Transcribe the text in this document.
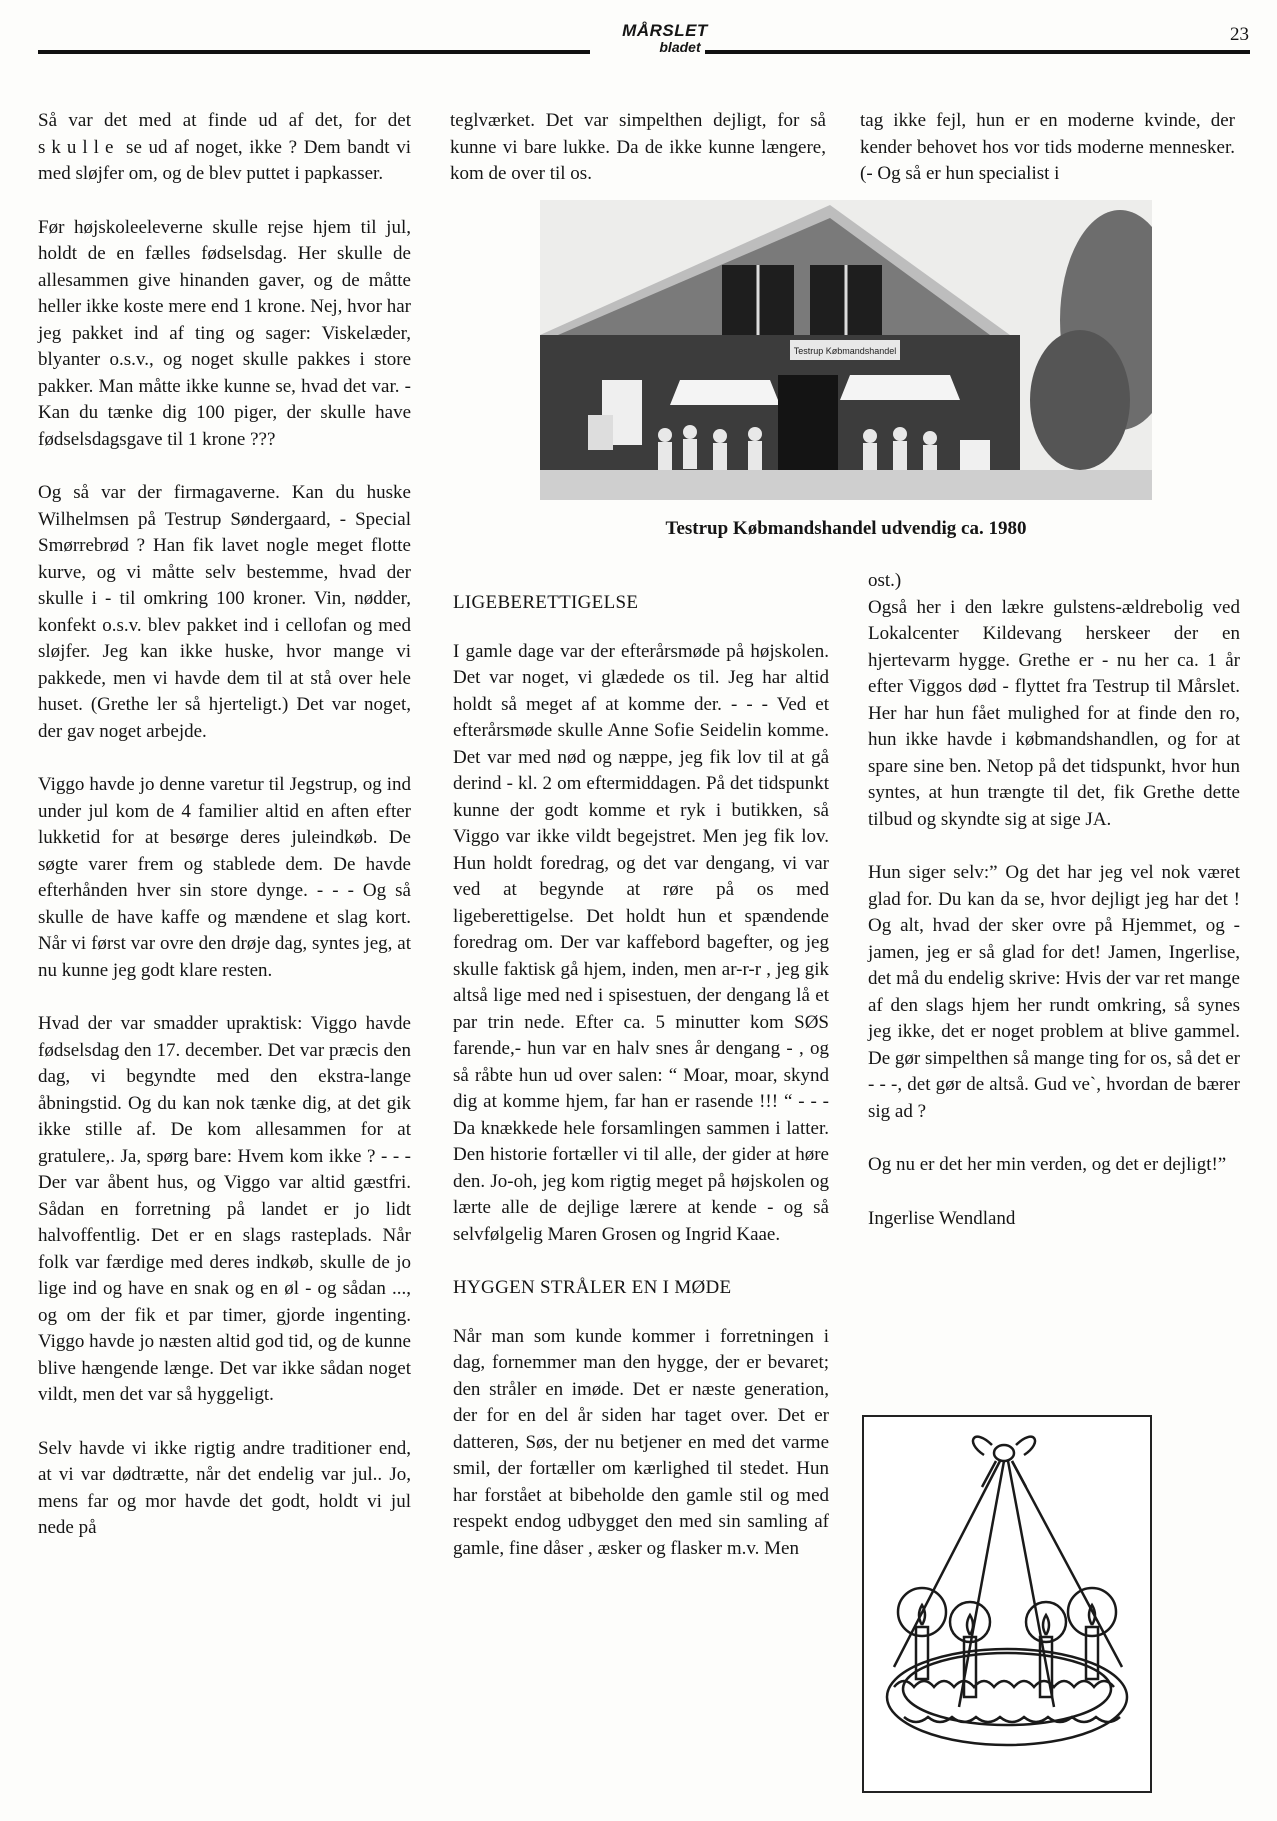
MÅRSLET
bladet
23

Så var det med at finde ud af det, for det skulle se ud af noget, ikke ? Dem bandt vi med sløjfer om, og de blev puttet i papkasser.

Før højskoleeleverne skulle rejse hjem til jul, holdt de en fælles fødselsdag. Her skulle de allesammen give hinanden gaver, og de måtte heller ikke koste mere end 1 krone. Nej, hvor har jeg pakket ind af ting og sager: Viskelæder, blyanter o.s.v., og noget skulle pakkes i store pakker. Man måtte ikke kunne se, hvad det var. - Kan du tænke dig 100 piger, der skulle have fødselsdagsgave til 1 krone ???

Og så var der firmagaverne. Kan du huske Wilhelmsen på Testrup Søndergaard, - Special Smørrebrød ? Han fik lavet nogle meget flotte kurve, og vi måtte selv bestemme, hvad der skulle i - til omkring 100 kroner. Vin, nødder, konfekt o.s.v. blev pakket ind i cellofan og med sløjfer. Jeg kan ikke huske, hvor mange vi pakkede, men vi havde dem til at stå over hele huset. (Grethe ler så hjerteligt.) Det var noget, der gav noget arbejde.

Viggo havde jo denne varetur til Jegstrup, og ind under jul kom de 4 familier altid en aften efter lukketid for at besørge deres juleindkøb. De søgte varer frem og stablede dem. De havde efterhånden hver sin store dynge. - - - Og så skulle de have kaffe og mændene et slag kort. Når vi først var ovre den drøje dag, syntes jeg, at nu kunne jeg godt klare resten.

Hvad der var smadder upraktisk: Viggo havde fødselsdag den 17. december. Det var præcis den dag, vi begyndte med den ekstra-lange åbningstid. Og du kan nok tænke dig, at det gik ikke stille af. De kom allesammen for at gratulere,. Ja, spørg bare: Hvem kom ikke ? - - - Der var åbent hus, og Viggo var altid gæstfri. Sådan en forretning på landet er jo lidt halvoffentlig. Det er en slags rasteplads. Når folk var færdige med deres indkøb, skulle de jo lige ind og have en snak og en øl - og sådan ..., og om der fik et par timer, gjorde ingenting. Viggo havde jo næsten altid god tid, og de kunne blive hængende længe. Det var ikke sådan noget vildt, men det var så hyggeligt.

Selv havde vi ikke rigtig andre traditioner end, at vi var dødtrætte, når det endelig var jul.. Jo, mens far og mor havde det godt, holdt vi jul nede på

teglværket. Det var simpelthen dejligt, for så kunne vi bare lukke. Da de ikke kunne længere, kom de over til os.

tag ikke fejl, hun er en moderne kvinde, der kender behovet hos vor tids moderne mennesker. (- Og så er hun specialist i

Testrup Købmandshandel
Testrup Købmandshandel udvendig ca. 1980
LIGEBERETTIGELSE

I gamle dage var der efterårsmøde på højskolen. Det var noget, vi glædede os til. Jeg har altid holdt så meget af at komme der. - - - Ved et efterårsmøde skulle Anne Sofie Seidelin komme. Det var med nød og næppe, jeg fik lov til at gå derind - kl. 2 om eftermiddagen. På det tidspunkt kunne der godt komme et ryk i butikken, så Viggo var ikke vildt begejstret. Men jeg fik lov. Hun holdt foredrag, og det var dengang, vi var ved at begynde at røre på os med ligeberettigelse. Det holdt hun et spændende foredrag om. Der var kaffebord bagefter, og jeg skulle faktisk gå hjem, inden, men ar-r-r , jeg gik altså lige med ned i spisestuen, der dengang lå et par trin nede. Efter ca. 5 minutter kom SØS farende,- hun var en halv snes år dengang - , og så råbte hun ud over salen: “ Moar, moar, skynd dig at komme hjem, far han er rasende !!! “ - - - Da knækkede hele forsamlingen sammen i latter. Den historie fortæller vi til alle, der gider at høre den. Jo-oh, jeg kom rigtig meget på højskolen og lærte alle de dejlige lærere at kende - og så selvfølgelig Maren Grosen og Ingrid Kaae.

HYGGEN STRÅLER EN I MØDE

Når man som kunde kommer i forretningen i dag, fornemmer man den hygge, der er bevaret; den stråler en imøde. Det er næste generation, der for en del år siden har taget over. Det er datteren, Søs, der nu betjener en med det varme smil, der fortæller om kærlighed til stedet. Hun har forstået at bibeholde den gamle stil og med respekt endog udbygget den med sin samling af gamle, fine dåser , æsker og flasker m.v. Men

ost.)

Også her i den lækre gulstens-ældrebolig ved Lokalcenter Kildevang herskeer der en hjertevarm hygge. Grethe er - nu her ca. 1 år efter Viggos død - flyttet fra Testrup til Mårslet. Her har hun fået mulighed for at finde den ro, hun ikke havde i købmandshandlen, og for at spare sine ben. Netop på det tidspunkt, hvor hun syntes, at hun trængte til det, fik Grethe dette tilbud og skyndte sig at sige JA.

Hun siger selv:” Og det har jeg vel nok været glad for. Du kan da se, hvor dejligt jeg har det ! Og alt, hvad der sker ovre på Hjemmet, og - jamen, jeg er så glad for det! Jamen, Ingerlise, det må du endelig skrive: Hvis der var ret mange af den slags hjem her rundt omkring, så synes jeg ikke, det er noget problem at blive gammel. De gør simpelthen så mange ting for os, så det er - - -, det gør de altså. Gud ve`, hvordan de bærer sig ad ?

Og nu er det her min verden, og det er dejligt!”

Ingerlise Wendland
